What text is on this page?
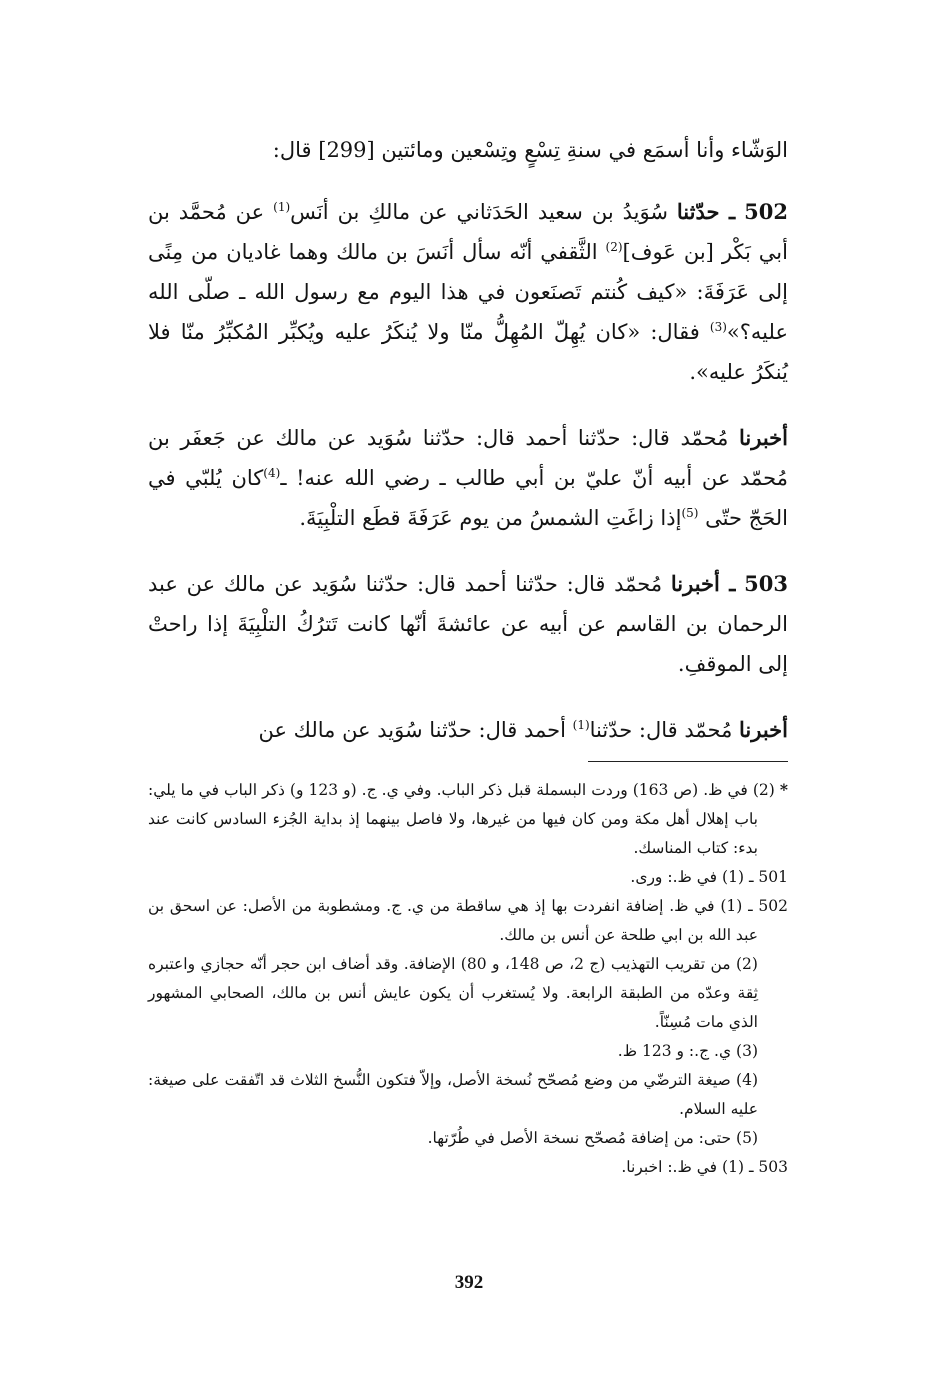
الوَشّاء وأنا أسمَع في سنةِ تِسْعٍ وتِسْعين ومائتين [299] قال:

502 ـ حدّثنا سُوَيدُ بن سعيد الحَدَثاني عن مالكِ بن أنَس$^{(1)}$ عن مُحمَّد بن أبي بَكْر [بن عَوف]$^{(2)}$ الثَّقفي أنّه سأل أنَسَ بن مالك وهما غاديان من مِنًى إلى عَرَفَةَ: «كيف كُنتم تَصنَعون في هذا اليوم مع رسول الله ـ صلّى الله عليه؟»$^{(3)}$ فقال: «كان يُهِلّ المُهِلُّ منّا ولا يُنكَرُ عليه ويُكبِّر المُكبِّرُ منّا فلا يُنكَرُ عليه».

أخبرنا مُحمّد قال: حدّثنا أحمد قال: حدّثنا سُوَيد عن مالك عن جَعفَر بن مُحمّد عن أبيه أنّ عليّ بن أبي طالب ـ رضي الله عنه! ـ$^{(4)}$كان يُلبّي في الحَجّ حتّى $^{(5)}$إذا زاغَتِ الشمسُ من يوم عَرَفَةَ قطَع التلْبِيَةَ.

503 ـ أخبرنا مُحمّد قال: حدّثنا أحمد قال: حدّثنا سُوَيد عن مالك عن عبد الرحمان بن القاسم عن أبيه عن عائشةَ أنّها كانت تَترُكُ التلْبِيَةَ إذا راحتْ إلى الموقفِ.

أخبرنا مُحمّد قال: حدّثنا$^{(1)}$ أحمد قال: حدّثنا سُوَيد عن مالك عن

* (2) في ظ. (ص 163) وردت البسملة قبل ذكر الباب. وفي ي. ج. (و 123 و) ذكر الباب في ما يلي: باب إهلال أهل مكة ومن كان فيها من غيرها، ولا فاصل بينهما إذ بداية الجُزء السادس كانت عند بدء: كتاب المناسك.

501 ـ (1) في ظ.: ورى.

502 ـ (1) في ظ. إضافة انفردت بها إذ هي ساقطة من ي. ج. ومشطوبة من الأصل: عن اسحق بن عبد الله بن ابي طلحة عن أنس بن مالك.

(2) من تقريب التهذيب (ج 2، ص 148، و 80) الإضافة. وقد أضاف ابن حجر أنّه حجازي واعتبره ثِقة وعدّه من الطبقة الرابعة. ولا يُستغرب أن يكون عايش أنس بن مالك، الصحابي المشهور الذي مات مُسِنّاً.

(3) ي. ج.: و 123 ظ.

(4) صيغة الترضّي من وضع مُصحّح نُسخة الأصل، وإلاّ فتكون النُّسخ الثلاث قد اتّفقت على صيغة: عليه السلام.

(5) حتى: من إضافة مُصحّح نسخة الأصل في طُرّتها.

503 ـ (1) في ظ.: اخبرنا.

392
